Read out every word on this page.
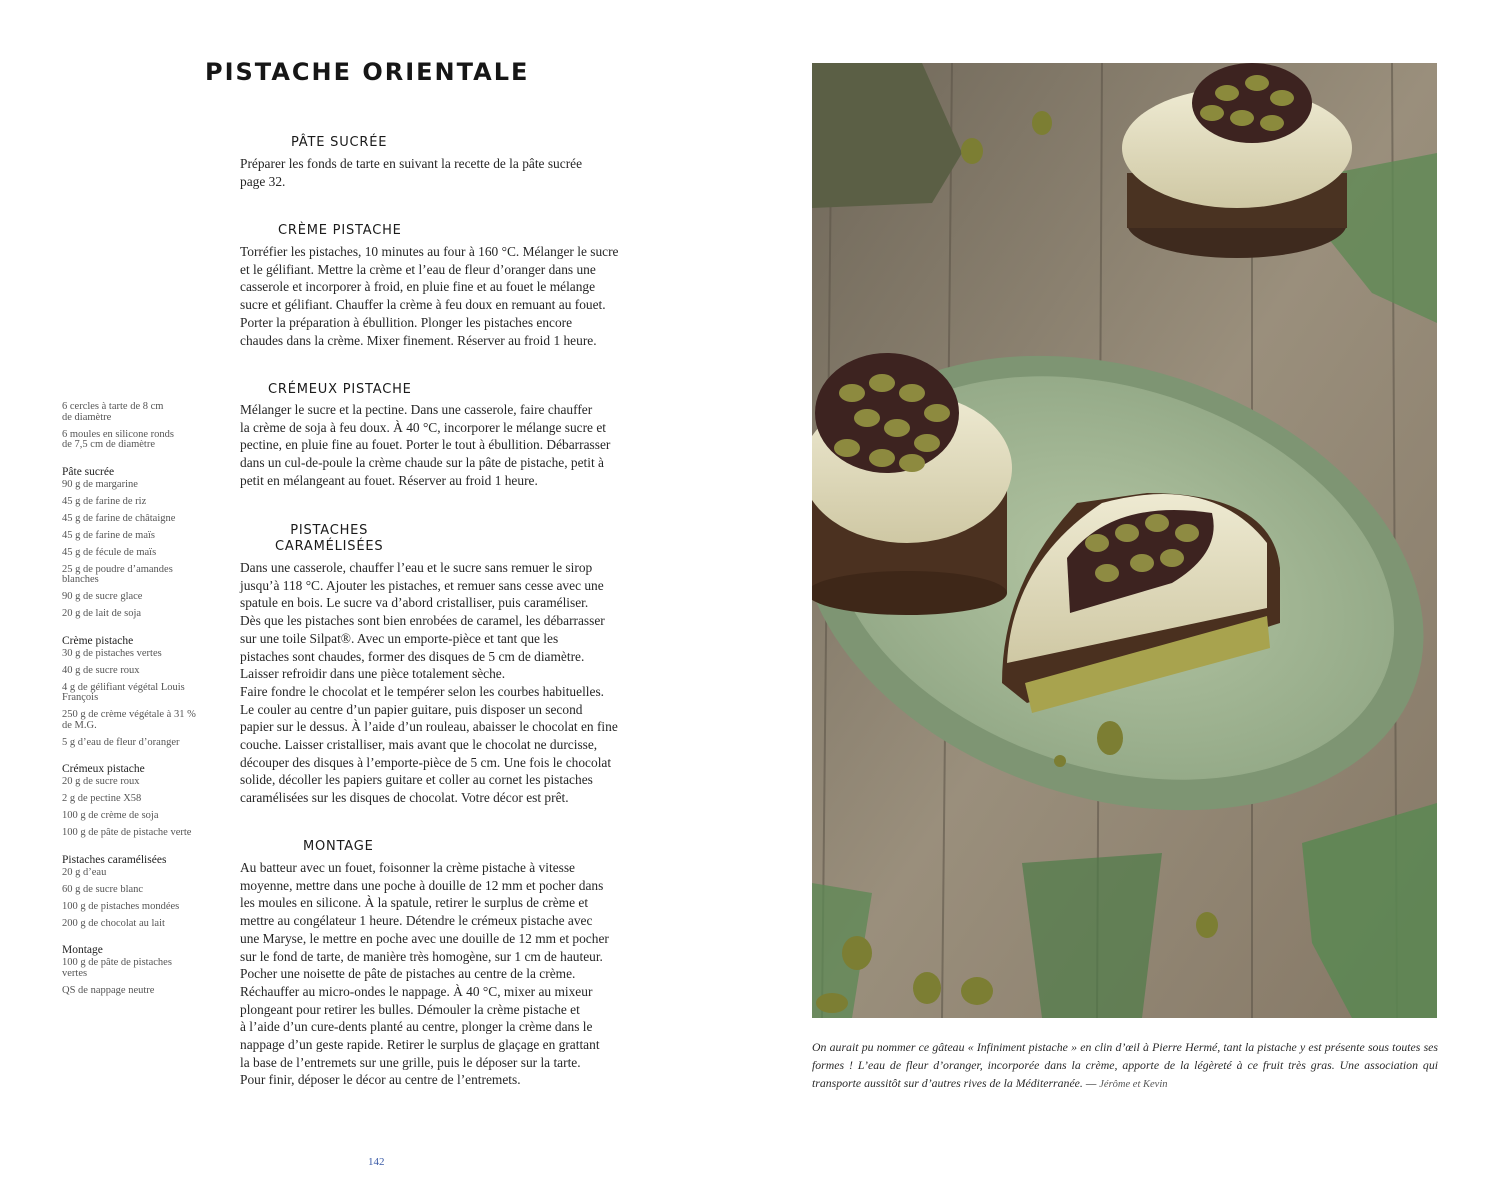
PISTACHE ORIENTALE
PÂTE SUCRÉE

Préparer les fonds de tarte en suivant la recette de la pâte sucrée
page 32.

CRÈME PISTACHE

Torréfier les pistaches, 10 minutes au four à 160 °C. Mélanger le sucre
et le gélifiant. Mettre la crème et l’eau de fleur d’oranger dans une
casserole et incorporer à froid, en pluie fine et au fouet le mélange
sucre et gélifiant. Chauffer la crème à feu doux en remuant au fouet.
Porter la préparation à ébullition. Plonger les pistaches encore
chaudes dans la crème. Mixer finement. Réserver au froid 1 heure.

CRÉMEUX PISTACHE

Mélanger le sucre et la pectine. Dans une casserole, faire chauffer
la crème de soja à feu doux. À 40 °C, incorporer le mélange sucre et
pectine, en pluie fine au fouet. Porter le tout à ébullition. Débarrasser
dans un cul-de-poule la crème chaude sur la pâte de pistache, petit à
petit en mélangeant au fouet. Réserver au froid 1 heure.

PISTACHES
CARAMÉLISÉES

Dans une casserole, chauffer l’eau et le sucre sans remuer le sirop
jusqu’à 118 °C. Ajouter les pistaches, et remuer sans cesse avec une
spatule en bois. Le sucre va d’abord cristalliser, puis caraméliser.
Dès que les pistaches sont bien enrobées de caramel, les débarrasser
sur une toile Silpat®. Avec un emporte-pièce et tant que les
pistaches sont chaudes, former des disques de 5 cm de diamètre.
Laisser refroidir dans une pièce totalement sèche.
Faire fondre le chocolat et le tempérer selon les courbes habituelles.
Le couler au centre d’un papier guitare, puis disposer un second
papier sur le dessus. À l’aide d’un rouleau, abaisser le chocolat en fine
couche. Laisser cristalliser, mais avant que le chocolat ne durcisse,
découper des disques à l’emporte-pièce de 5 cm. Une fois le chocolat
solide, décoller les papiers guitare et coller au cornet les pistaches
caramélisées sur les disques de chocolat. Votre décor est prêt.

MONTAGE

Au batteur avec un fouet, foisonner la crème pistache à vitesse
moyenne, mettre dans une poche à douille de 12 mm et pocher dans
les moules en silicone. À la spatule, retirer le surplus de crème et
mettre au congélateur 1 heure. Détendre le crémeux pistache avec
une Maryse, le mettre en poche avec une douille de 12 mm et pocher
sur le fond de tarte, de manière très homogène, sur 1 cm de hauteur.
Pocher une noisette de pâte de pistaches au centre de la crème.
Réchauffer au micro-ondes le nappage. À 40 °C, mixer au mixeur
plongeant pour retirer les bulles. Démouler la crème pistache et
à l’aide d’un cure-dents planté au centre, plonger la crème dans le
nappage d’un geste rapide. Retirer le surplus de glaçage en grattant
la base de l’entremets sur une grille, puis le déposer sur la tarte.
Pour finir, déposer le décor au centre de l’entremets.

6 cercles à tarte de 8 cm
de diamètre

6 moules en silicone ronds
de 7,5 cm de diamètre

Pâte sucrée

90 g de margarine

45 g de farine de riz

45 g de farine de châtaigne

45 g de farine de maïs

45 g de fécule de maïs

25 g de poudre d’amandes
blanches

90 g de sucre glace

20 g de lait de soja

Crème pistache

30 g de pistaches vertes

40 g de sucre roux

4 g de gélifiant végétal Louis
François

250 g de crème végétale à 31 %
de M.G.

5 g d’eau de fleur d’oranger

Crémeux pistache

20 g de sucre roux

2 g de pectine X58

100 g de crème de soja

100 g de pâte de pistache verte

Pistaches caramélisées

20 g d’eau

60 g de sucre blanc

100 g de pistaches mondées

200 g de chocolat au lait

Montage

100 g de pâte de pistaches
vertes

QS de nappage neutre

142

On aurait pu nommer ce gâteau « Infiniment pistache » en clin d’œil à Pierre Hermé, tant la pistache y est présente sous toutes ses formes ! L’eau de fleur d’oranger, incorporée dans la crème, apporte de la légèreté à ce fruit très gras. Une association qui transporte aussitôt sur d’autres rives de la Méditerranée. — Jérôme et Kevin
